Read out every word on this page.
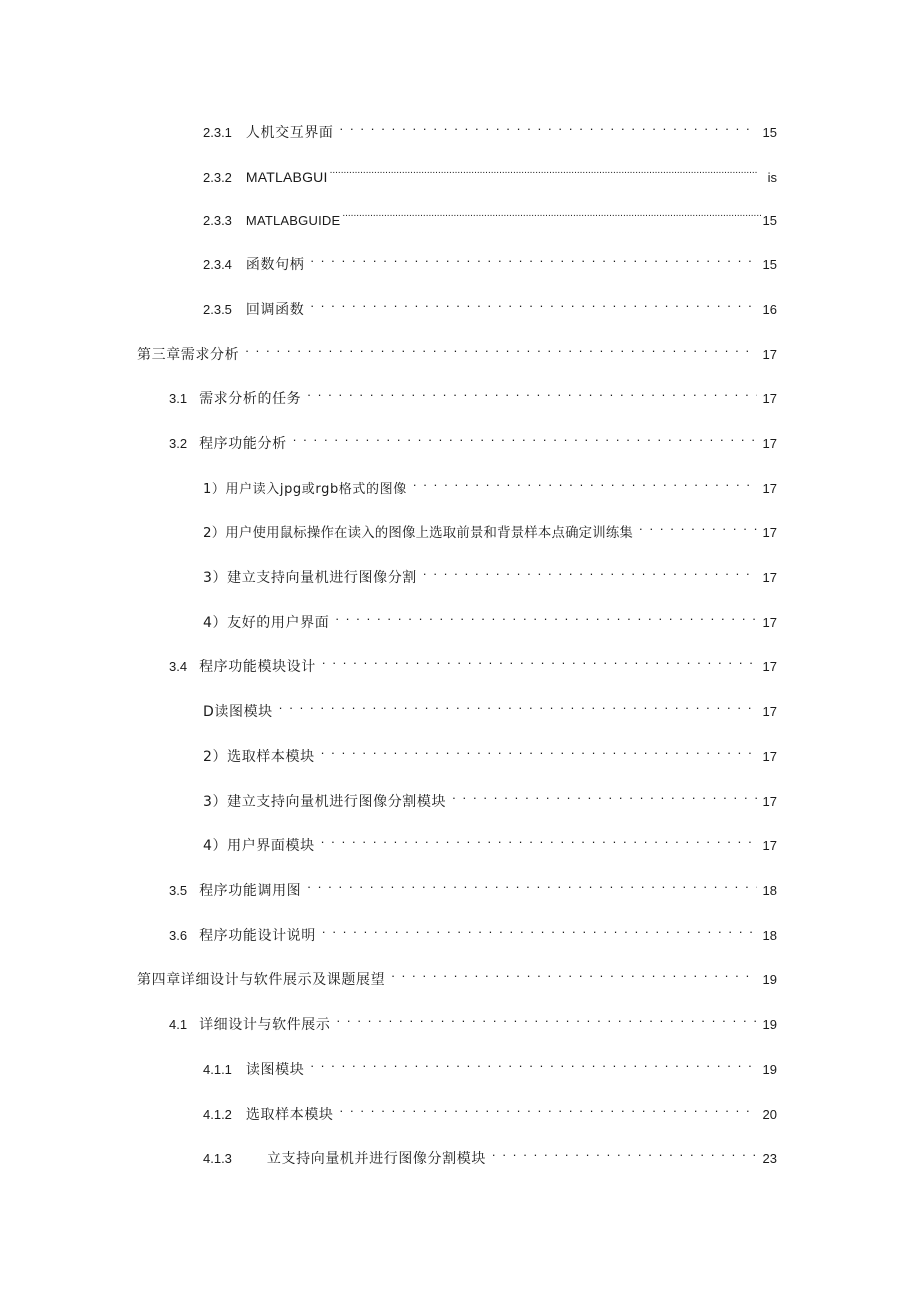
2.3.1 人机交互界面 . . .	15
2.3.2 MATLABGUI .....	is
2.3.3 MATLABGUIDE .....	15
2.3.4 函数句柄 . . .	15
2.3.5 回调函数 . . .	16
第三章需求分析 . . .	17
3.1 需求分析的任务 . . .	17
3.2 程序功能分析 . . .	17
1）用户读入jpg或rgb格式的图像 . . .	17
2）用户使用鼠标操作在读入的图像上选取前景和背景样本点确定训练集 . . .	17
3）建立支持向量机进行图像分割 . . .	17
4）友好的用户界面 . . .	17
3.4 程序功能模块设计 . . .	17
D读图模块 . . .	17
2）选取样本模块 . . .	17
3）建立支持向量机进行图像分割模块 . . .	17
4）用户界面模块 . . .	17
3.5 程序功能调用图 . . .	18
3.6 程序功能设计说明 . . .	18
第四章详细设计与软件展示及课题展望 . . .	19
4.1 详细设计与软件展示 . . .	19
4.1.1 读图模块 . . .	19
4.1.2 选取样本模块 . . .	20
4.1.3	立支持向量机并进行图像分割模块 . . .	23
